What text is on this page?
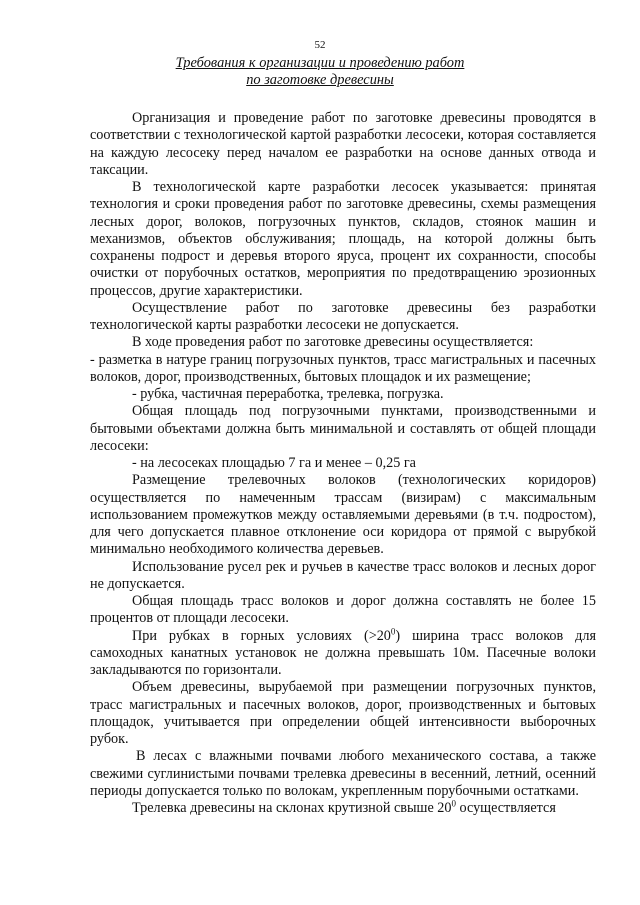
52
Требования к организации и проведению работ
по заготовке древесины

Организация и проведение работ по заготовке древесины проводятся в соответствии с технологической картой разработки лесосеки, которая составляется на каждую лесосеку перед началом ее разработки на основе данных отвода и таксации.

В технологической карте разработки лесосек указывается: принятая технология и сроки проведения работ по заготовке древесины, схемы размещения лесных дорог, волоков, погрузочных пунктов, складов, стоянок машин и механизмов, объектов обслуживания; площадь, на которой должны быть сохранены подрост и деревья второго яруса, процент их сохранности, способы очистки от порубочных остатков, мероприятия по предотвращению эрозионных процессов, другие характеристики.

Осуществление работ по заготовке древесины без разработки технологической карты разработки лесосеки не допускается.

В ходе проведения работ по заготовке древесины осуществляется:

- разметка в натуре границ погрузочных пунктов, трасс магистральных и пасечных волоков, дорог, производственных, бытовых площадок и их размещение;

- рубка, частичная переработка, трелевка, погрузка.

Общая площадь под погрузочными пунктами, производственными и бытовыми объектами должна быть минимальной и составлять от общей площади лесосеки:

- на лесосеках площадью 7 га и менее – 0,25 га

Размещение трелевочных волоков (технологических коридоров) осуществляется по намеченным трассам (визирам) с максимальным использованием промежутков между оставляемыми деревьями (в т.ч. подростом), для чего допускается плавное отклонение оси коридора от прямой с вырубкой минимально необходимого количества деревьев.

Использование русел рек и ручьев в качестве трасс волоков и лесных дорог не допускается.

Общая площадь трасс волоков и дорог должна составлять не более 15 процентов от площади лесосеки.

При рубках в горных условиях $(>20^0)$ ширина трасс волоков для самоходных канатных установок не должна превышать 10м. Пасечные волоки закладываются по горизонтали.

Объем древесины, вырубаемой при размещении погрузочных пунктов, трасс магистральных и пасечных волоков, дорог, производственных и бытовых площадок, учитывается при определении общей интенсивности выборочных рубок.

В лесах с влажными почвами любого механического состава, а также свежими суглинистыми почвами трелевка древесины в весенний, летний, осенний периоды допускается только по волокам, укрепленным порубочными остатками.

Трелевка древесины на склонах крутизной свыше $20^0$ осуществляется
